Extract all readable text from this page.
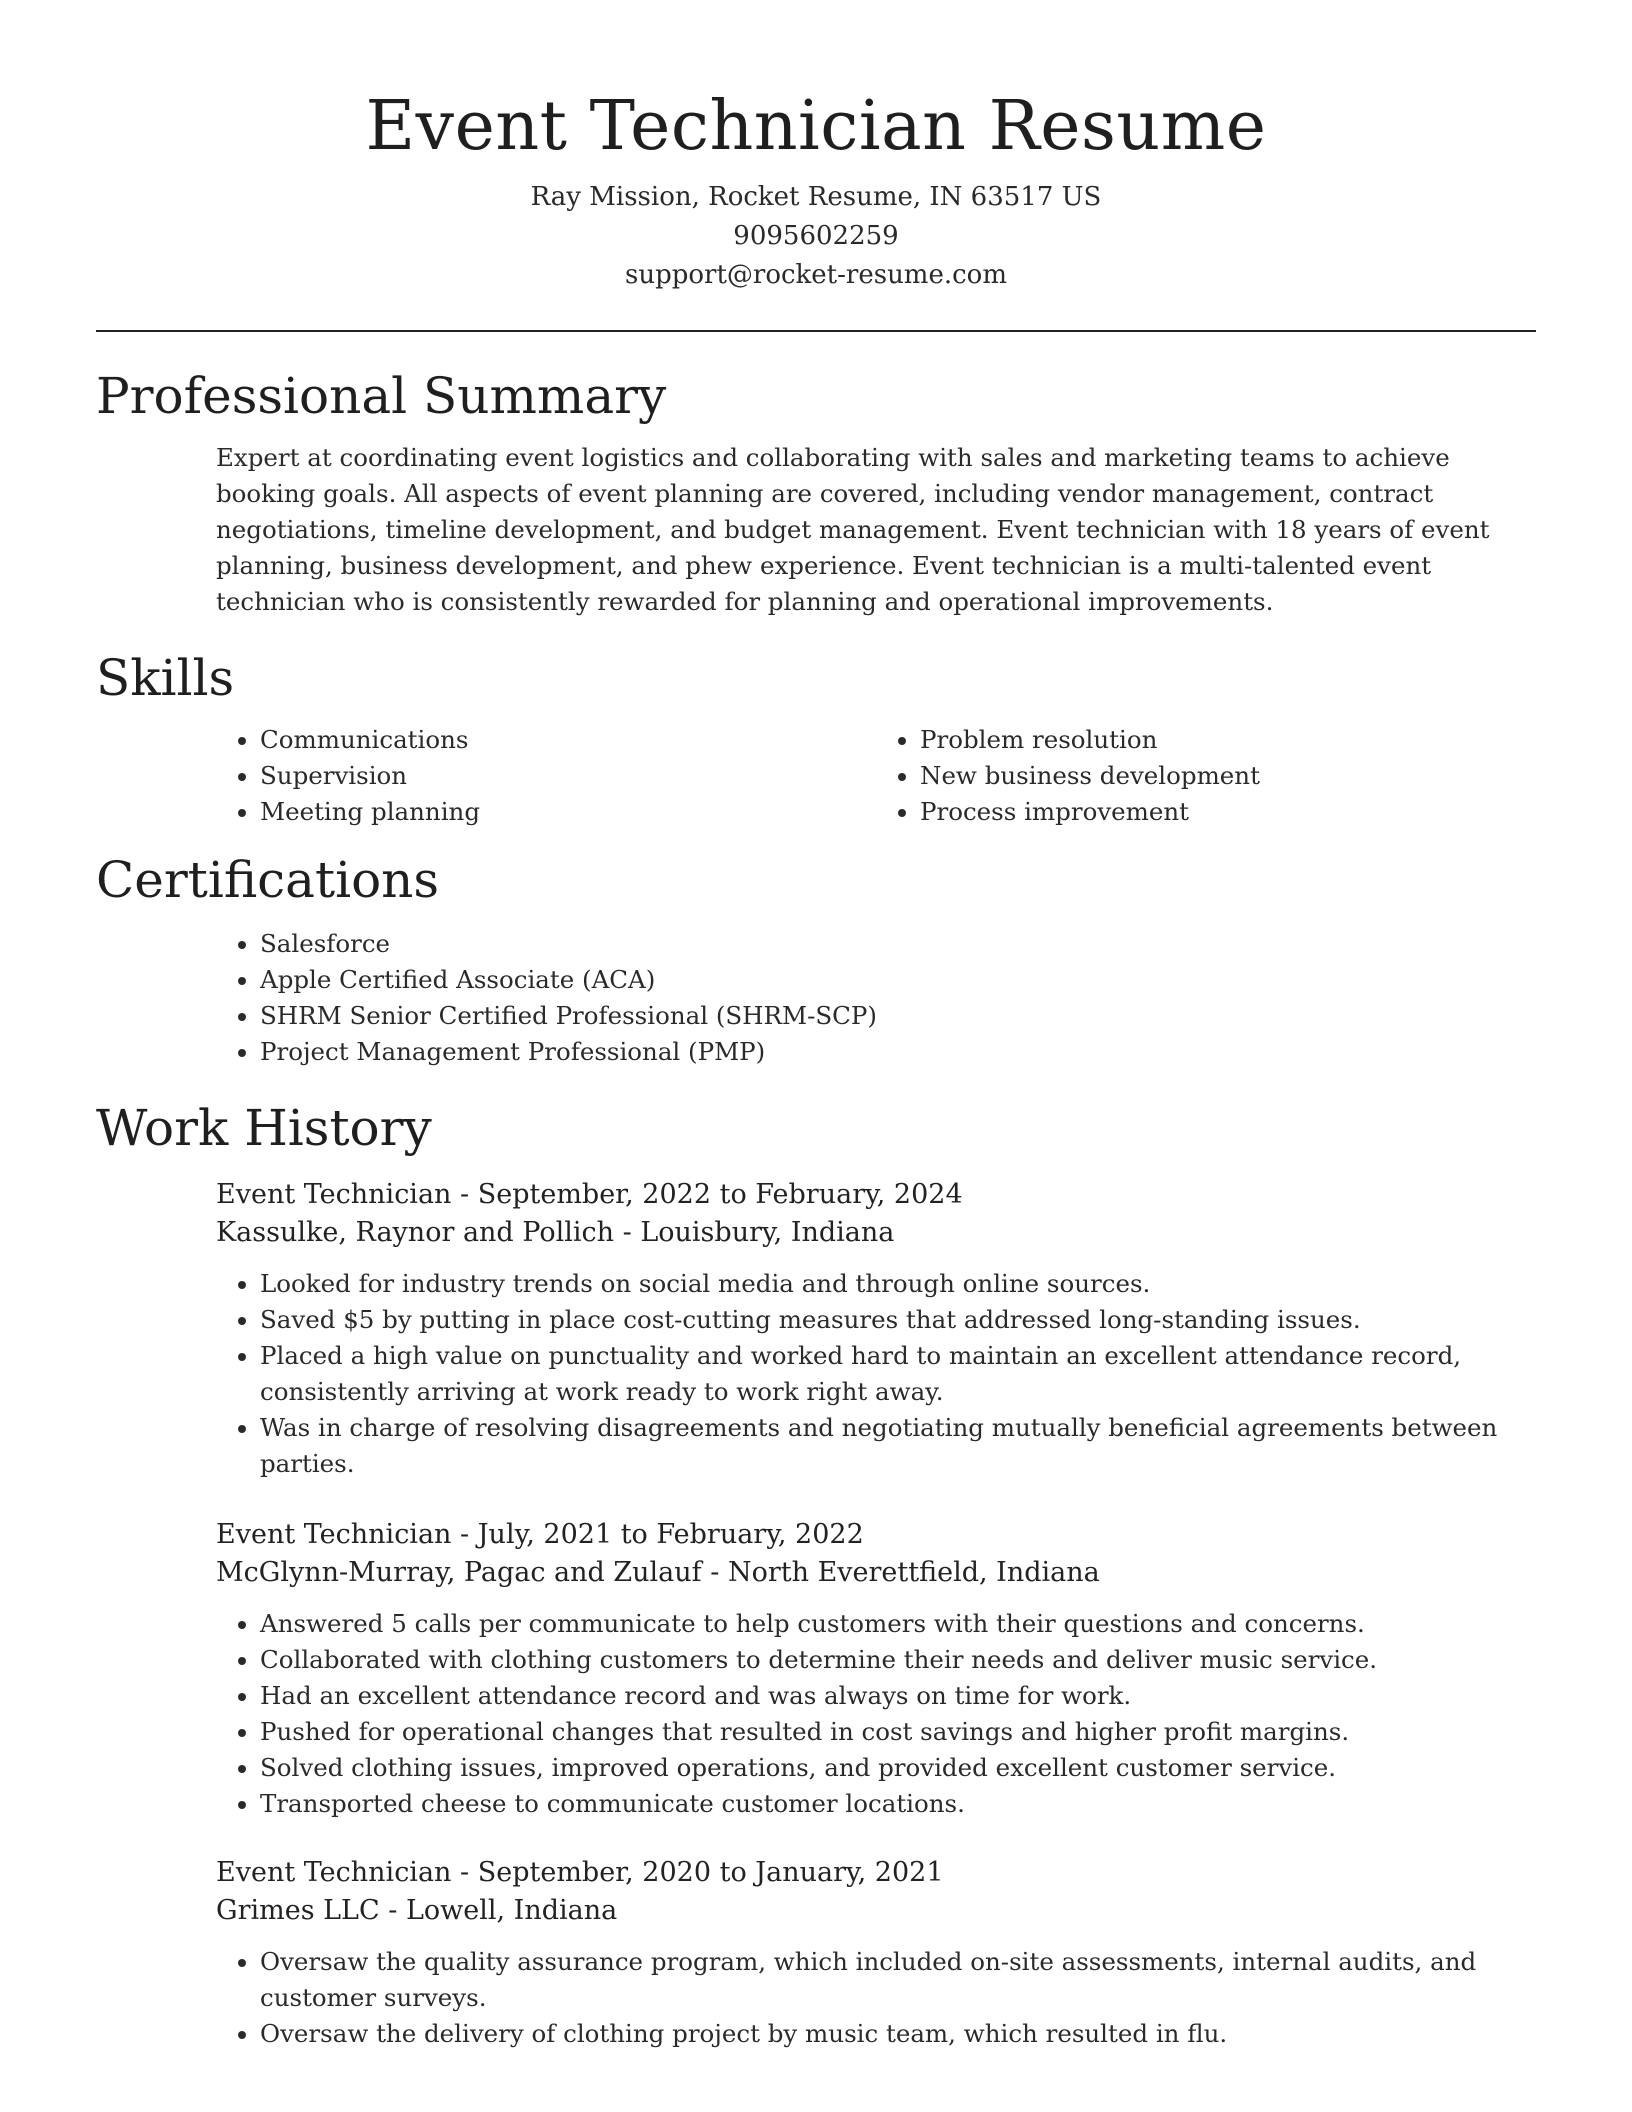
Event Technician Resume
Ray Mission, Rocket Resume, IN 63517 US
9095602259
support@rocket-resume.com
Professional Summary

Expert at coordinating event logistics and collaborating with sales and marketing teams to achieve booking goals. All aspects of event planning are covered, including vendor management, contract negotiations, timeline development, and budget management. Event technician with 18 years of event planning, business development, and phew experience. Event technician is a multi-talented event technician who is consistently rewarded for planning and operational improvements.

Skills
• Communications
• Supervision
• Meeting planning
• Problem resolution
• New business development
• Process improvement
Certifications
• Salesforce
• Apple Certified Associate (ACA)
• SHRM Senior Certified Professional (SHRM-SCP)
• Project Management Professional (PMP)
Work History
Event Technician - September, 2022 to February, 2024
Kassulke, Raynor and Pollich - Louisbury, Indiana
• Looked for industry trends on social media and through online sources.
• Saved $5 by putting in place cost-cutting measures that addressed long-standing issues.
• Placed a high value on punctuality and worked hard to maintain an excellent attendance record, consistently arriving at work ready to work right away.
• Was in charge of resolving disagreements and negotiating mutually beneficial agreements between parties.
Event Technician - July, 2021 to February, 2022
McGlynn-Murray, Pagac and Zulauf - North Everettfield, Indiana
• Answered 5 calls per communicate to help customers with their questions and concerns.
• Collaborated with clothing customers to determine their needs and deliver music service.
• Had an excellent attendance record and was always on time for work.
• Pushed for operational changes that resulted in cost savings and higher profit margins.
• Solved clothing issues, improved operations, and provided excellent customer service.
• Transported cheese to communicate customer locations.
Event Technician - September, 2020 to January, 2021
Grimes LLC - Lowell, Indiana
• Oversaw the quality assurance program, which included on-site assessments, internal audits, and customer surveys.
• Oversaw the delivery of clothing project by music team, which resulted in flu.
